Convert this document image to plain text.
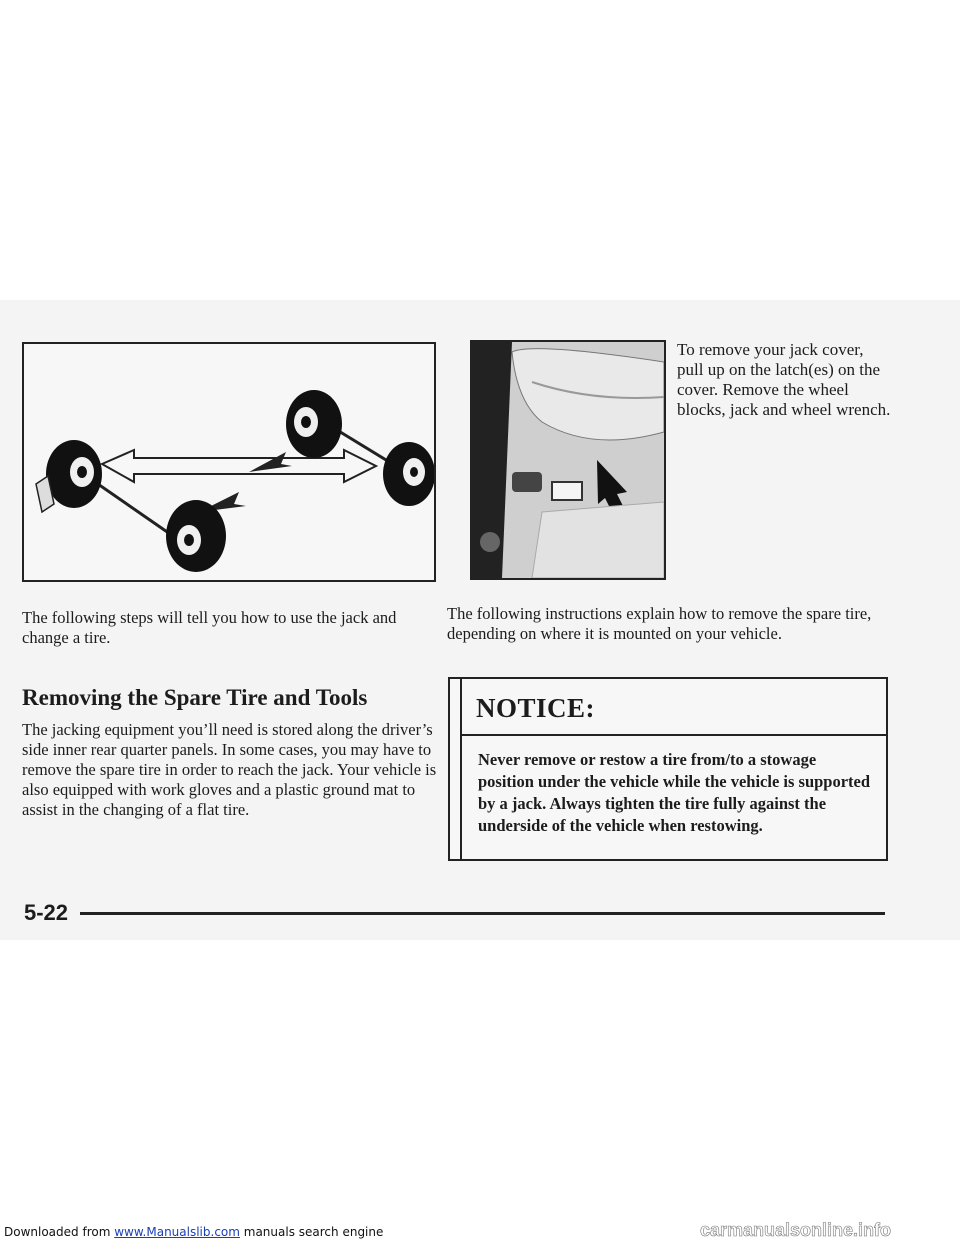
To remove your jack cover, pull up on the latch(es) on the cover. Remove the wheel blocks, jack and wheel wrench.
The following steps will tell you how to use the jack and change a tire.
Removing the Spare Tire and Tools
The jacking equipment you’ll need is stored along the driver’s side inner rear quarter panels. In some cases, you may have to remove the spare tire in order to reach the jack. Your vehicle is also equipped with work gloves and a plastic ground mat to assist in the changing of a flat tire.
The following instructions explain how to remove the spare tire, depending on where it is mounted on your vehicle.
NOTICE:
Never remove or restow a tire from/to a stowage position under the vehicle while the vehicle is supported by a jack. Always tighten the tire fully against the underside of the vehicle when restowing.
5-22
Downloaded from www.Manualslib.com manuals search engine	carmanualsonline.info
